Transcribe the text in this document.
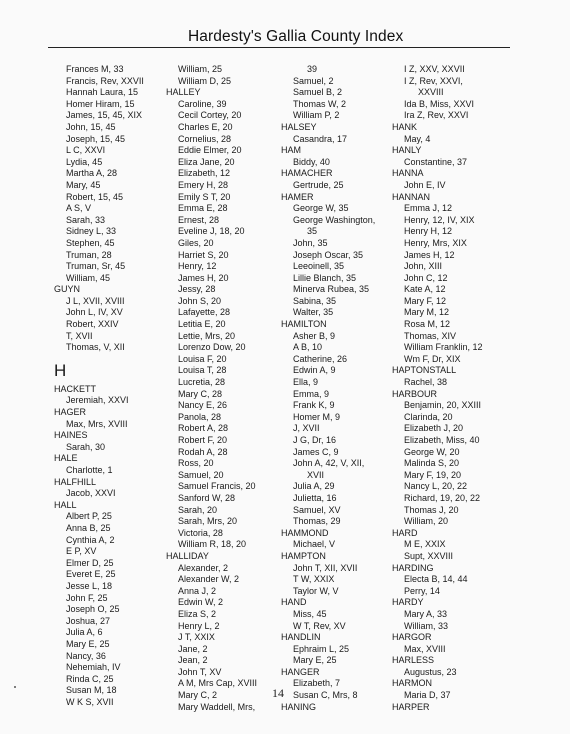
Hardesty's Gallia County Index
Frances M, 33
Francis, Rev, XXVII
Hannah Laura, 15
Homer Hiram, 15
James, 15, 45, XIX
John, 15, 45
Joseph, 15, 45
L C, XXVI
Lydia, 45
Martha A, 28
Mary, 45
Robert, 15, 45
A S, V
Sarah, 33
Sidney L, 33
Stephen, 45
Truman, 28
Truman, Sr, 45
William, 45
GUYN
J L, XVII, XVIII
John L, IV, XV
Robert, XXIV
T, XVII
Thomas, V, XII
H
HACKETT
Jeremiah, XXVI
HAGER
Max, Mrs, XVIII
HAINES
Sarah, 30
HALE
Charlotte, 1
HALFHILL
Jacob, XXVI
HALL
Albert P, 25
Anna B, 25
Cynthia A, 2
E P, XV
Elmer D, 25
Everet E, 25
Jesse L, 18
John F, 25
Joseph O, 25
Joshua, 27
Julia A, 6
Mary E, 25
Nancy, 36
Nehemiah, IV
Rinda C, 25
Susan M, 18
W K S, XVII
William, 25
William D, 25
HALLEY
Caroline, 39
Cecil Cortey, 20
Charles E, 20
Cornelius, 28
Eddie Elmer, 20
Eliza Jane, 20
Elizabeth, 12
Emery H, 28
Emily S T, 20
Emma E, 28
Ernest, 28
Eveline J, 18, 20
Giles, 20
Harriet S, 20
Henry, 12
James H, 20
Jessy, 28
John S, 20
Lafayette, 28
Letitia E, 20
Lettie, Mrs, 20
Lorenzo Dow, 20
Louisa F, 20
Louisa T, 28
Lucretia, 28
Mary C, 28
Nancy E, 26
Panola, 28
Robert A, 28
Robert F, 20
Rodah A, 28
Ross, 20
Samuel, 20
Samuel Francis, 20
Sanford W, 28
Sarah, 20
Sarah, Mrs, 20
Victoria, 28
William R, 18, 20
HALLIDAY
Alexander, 2
Alexander W, 2
Anna J, 2
Edwin W, 2
Eliza S, 2
Henry L, 2
J T, XXIX
Jane, 2
Jean, 2
John T, XV
A M, Mrs Cap, XVIII
Mary C, 2
Mary Waddell, Mrs,
39
Samuel, 2
Samuel B, 2
Thomas W, 2
William P, 2
HALSEY
Casandra, 17
HAM
Biddy, 40
HAMACHER
Gertrude, 25
HAMER
George W, 35
George Washington,
35
John, 35
Joseph Oscar, 35
Leeoinell, 35
Lillie Blanch, 35
Minerva Rubea, 35
Sabina, 35
Walter, 35
HAMILTON
Asher B, 9
A B, 10
Catherine, 26
Edwin A, 9
Ella, 9
Emma, 9
Frank K, 9
Homer M, 9
J, XVII
J G, Dr, 16
James C, 9
John A, 42, V, XII,
XVII
Julia A, 29
Julietta, 16
Samuel, XV
Thomas, 29
HAMMOND
Michael, V
HAMPTON
John T, XII, XVII
T W, XXIX
Taylor W, V
HAND
Miss, 45
W T, Rev, XV
HANDLIN
Ephraim L, 25
Mary E, 25
HANGER
Elizabeth, 7
Susan C, Mrs, 8
HANING
I Z, XXV, XXVII
I Z, Rev, XXVI,
XXVIII
Ida B, Miss, XXVI
Ira Z, Rev, XXVI
HANK
May, 4
HANLY
Constantine, 37
HANNA
John E, IV
HANNAN
Emma J, 12
Henry, 12, IV, XIX
Henry H, 12
Henry, Mrs, XIX
James H, 12
John, XIII
John C, 12
Kate A, 12
Mary F, 12
Mary M, 12
Rosa M, 12
Thomas, XIV
William Franklin, 12
Wm F, Dr, XIX
HAPTONSTALL
Rachel, 38
HARBOUR
Benjamin, 20, XXIII
Clarinda, 20
Elizabeth J, 20
Elizabeth, Miss, 40
George W, 20
Malinda S, 20
Mary F, 19, 20
Nancy L, 20, 22
Richard, 19, 20, 22
Thomas J, 20
William, 20
HARD
M E, XXIX
Supt, XXVIII
HARDING
Electa B, 14, 44
Perry, 14
HARDY
Mary A, 33
William, 33
HARGOR
Max, XVIII
HARLESS
Augustus, 23
HARMON
Maria D, 37
HARPER
14
